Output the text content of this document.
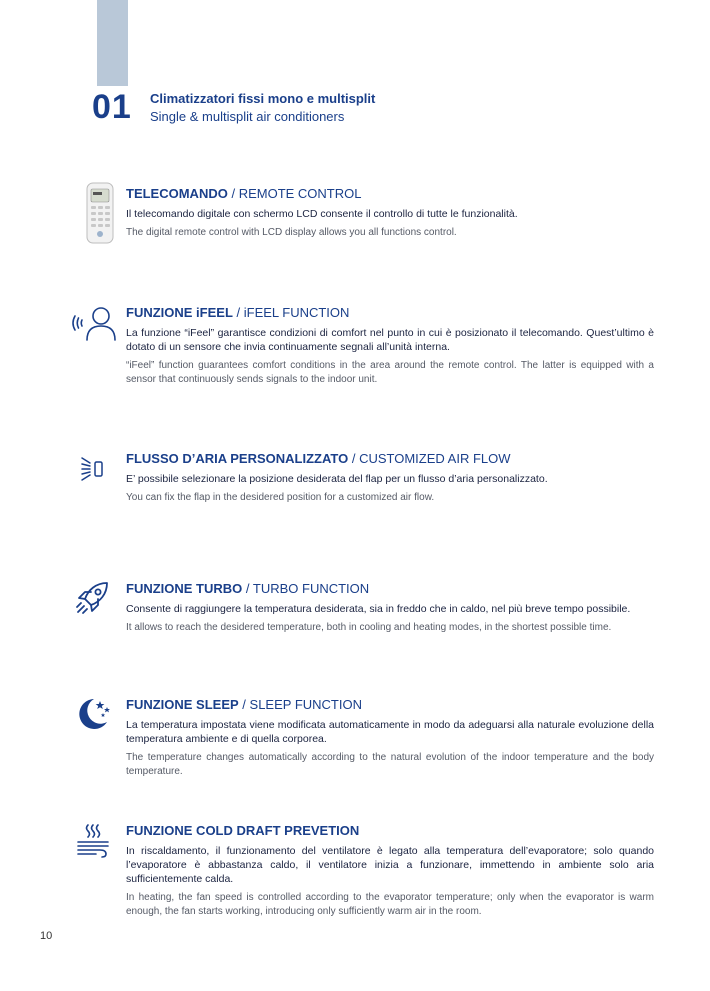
01 Climatizzatori fissi mono e multisplit
Single & multisplit air conditioners
TELECOMANDO / REMOTE CONTROL

Il telecomando digitale con schermo LCD consente il controllo di tutte le funzionalità.

The digital remote control with LCD display allows you all functions control.

FUNZIONE iFEEL / iFEEL FUNCTION

La funzione “iFeel” garantisce condizioni di comfort nel punto in cui è posizionato il telecomando. Quest’ultimo è dotato di un sensore che invia continuamente segnali all’unità interna.

“iFeel” function guarantees comfort conditions in the area around the remote control. The latter is equipped with a sensor that continuously sends signals to the indoor unit.

FLUSSO D’ARIA PERSONALIZZATO / CUSTOMIZED AIR FLOW

E’ possibile selezionare la posizione desiderata del flap per un flusso d’aria personalizzato.

You can fix the flap in the desidered position for a customized air flow.

FUNZIONE TURBO / TURBO FUNCTION

Consente di raggiungere la temperatura desiderata, sia in freddo che in caldo, nel più breve tempo possibile.

It allows to reach the desidered temperature, both in cooling and heating modes, in the shortest possible time.

FUNZIONE SLEEP / SLEEP FUNCTION

La temperatura impostata viene modificata automaticamente in modo da adeguarsi alla naturale evoluzione della temperatura ambiente e di quella corporea.

The temperature changes automatically according to the natural evolution of the indoor temperature and the body temperature.

FUNZIONE COLD DRAFT PREVETION

In riscaldamento, il funzionamento del ventilatore è legato alla temperatura dell’evaporatore; solo quando l’evaporatore è abbastanza caldo, il ventilatore inizia a funzionare, immettendo in ambiente solo aria sufficientemente calda.

In heating, the fan speed is controlled according to the evaporator temperature; only when the evaporator is warm enough, the fan starts working, introducing only sufficiently warm air in the room.

10
